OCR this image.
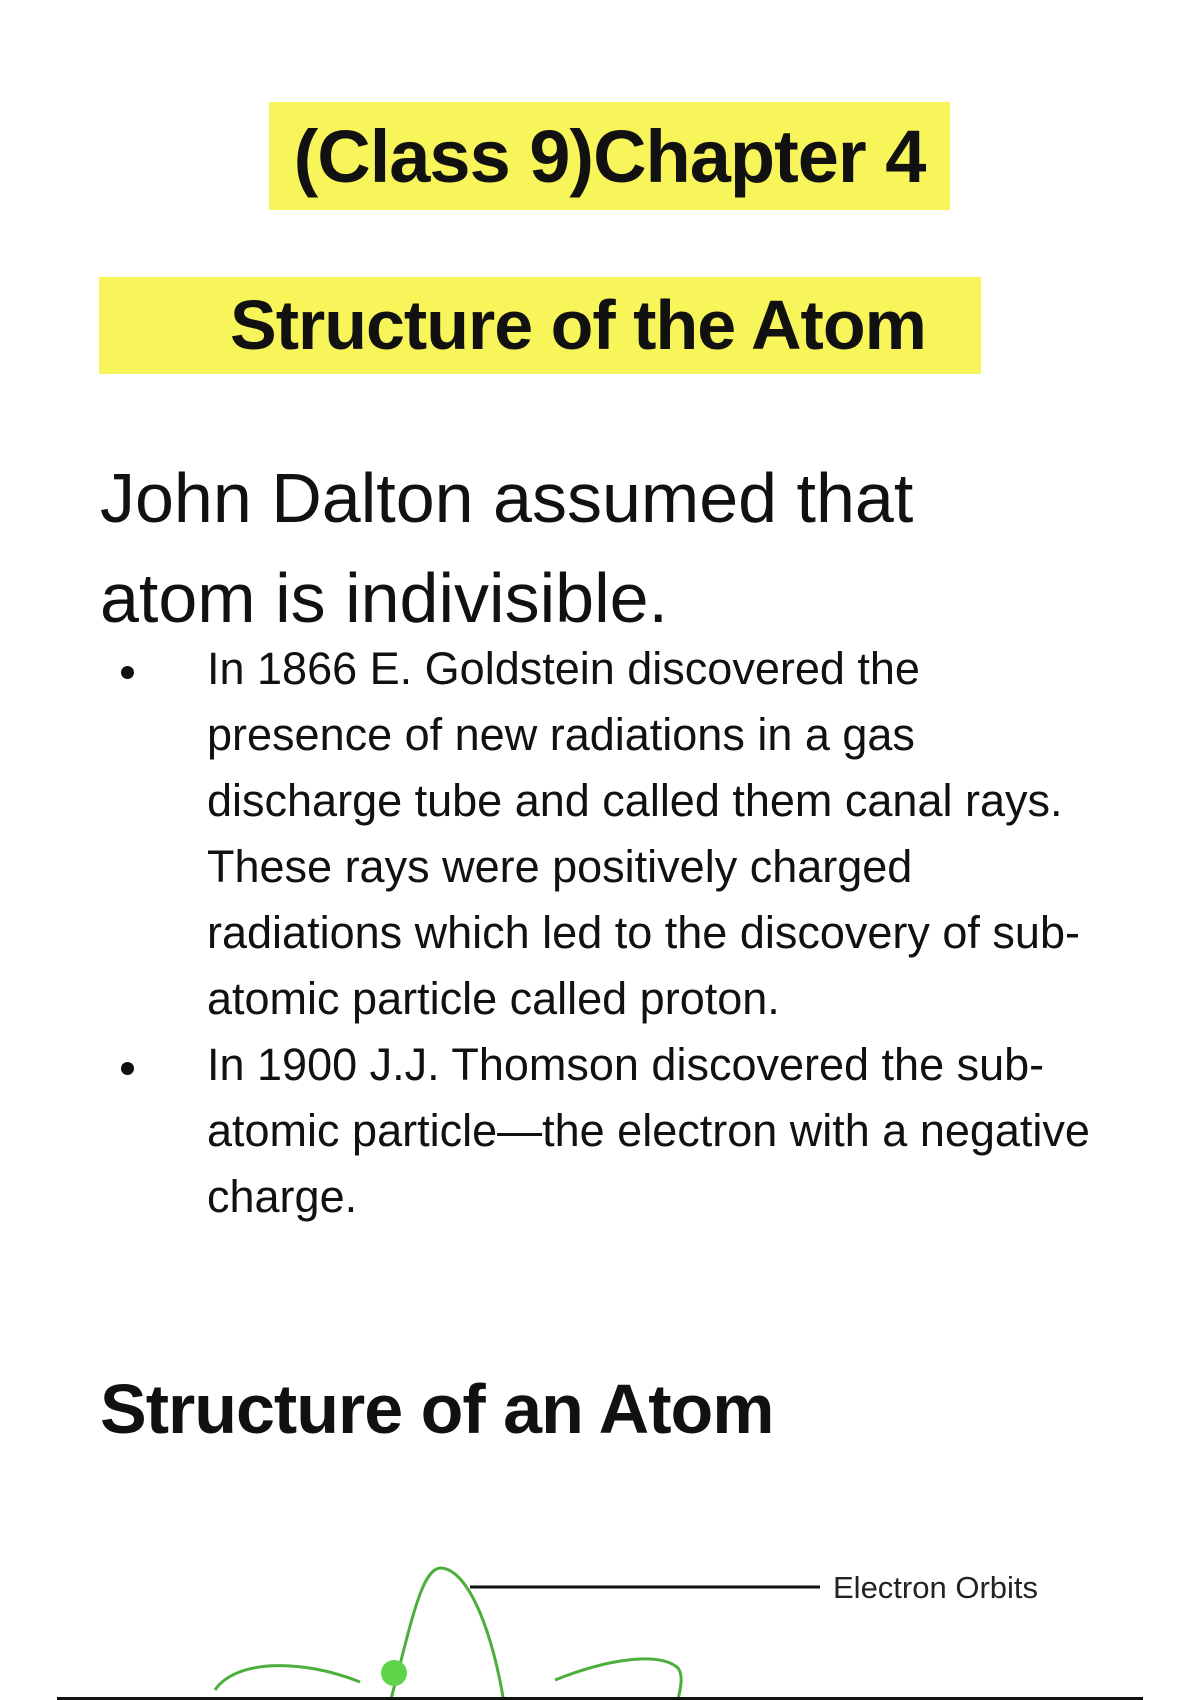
(Class 9)Chapter 4
Structure of the Atom

John Dalton assumed that atom is indivisible.

In 1866 E. Goldstein discovered the presence of new radiations in a gas discharge tube and called them canal rays. These rays were positively charged radiations which led to the discovery of sub-atomic particle called proton.
In 1900 J.J. Thomson discovered the sub-atomic particle—the electron with a negative charge.
Structure of an Atom
Electron Orbits
